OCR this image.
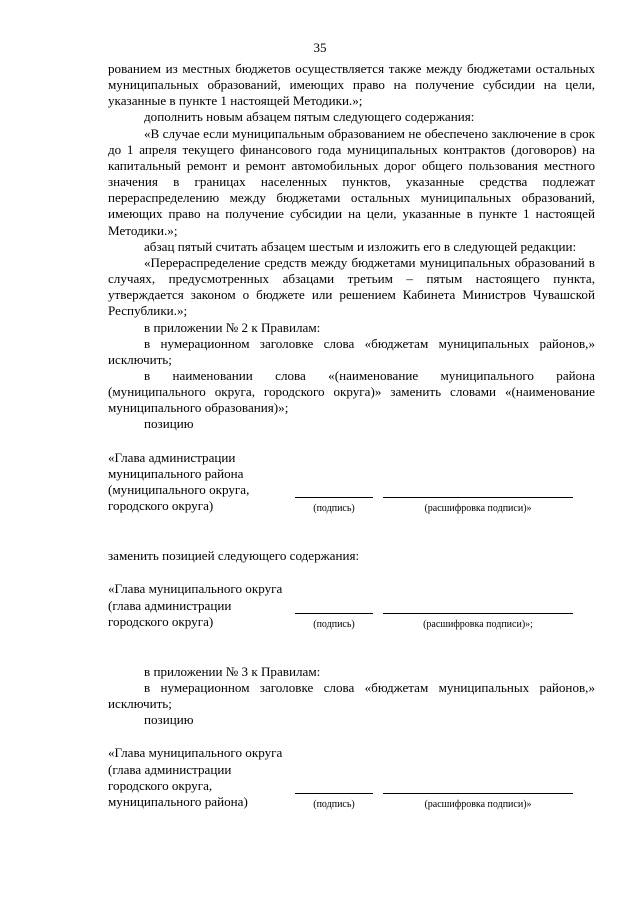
35

рованием из местных бюджетов осуществляется также между бюджетами остальных муниципальных образований, имеющих право на получение субсидии на цели, указанные в пункте 1 настоящей Методики.»;

дополнить новым абзацем пятым следующего содержания:

«В случае если муниципальным образованием не обеспечено заключение в срок до 1 апреля текущего финансового года муниципальных контрактов (договоров) на капитальный ремонт и ремонт автомобильных дорог общего пользования местного значения в границах населенных пунктов, указанные средства подлежат перераспределению между бюджетами остальных муниципальных образований, имеющих право на получение субсидии на цели, указанные в пункте 1 настоящей Методики.»;

абзац пятый считать абзацем шестым и изложить его в следующей редакции:

«Перераспределение средств между бюджетами муниципальных образований в случаях, предусмотренных абзацами третьим – пятым настоящего пункта, утверждается законом о бюджете или решением Кабинета Министров Чувашской Республики.»;

в приложении № 2 к Правилам:

в нумерационном заголовке слова «бюджетам муниципальных районов,» исключить;

в наименовании слова «(наименование муниципального района (муниципального округа, городского округа)» заменить словами «(наименование муниципального образования)»;

позицию

«Глава администрации
муниципального района
(муниципального округа,
городского округа)	(подпись)	(расшифровка подписи)»

заменить позицией следующего содержания:

«Глава муниципального округа
(глава администрации
городского округа)	(подпись)	(расшифровка подписи)»;

в приложении № 3 к Правилам:

в нумерационном заголовке слова «бюджетам муниципальных районов,» исключить;

позицию

«Глава муниципального округа
(глава администрации
городского округа,
муниципального района)	(подпись)	(расшифровка подписи)»
